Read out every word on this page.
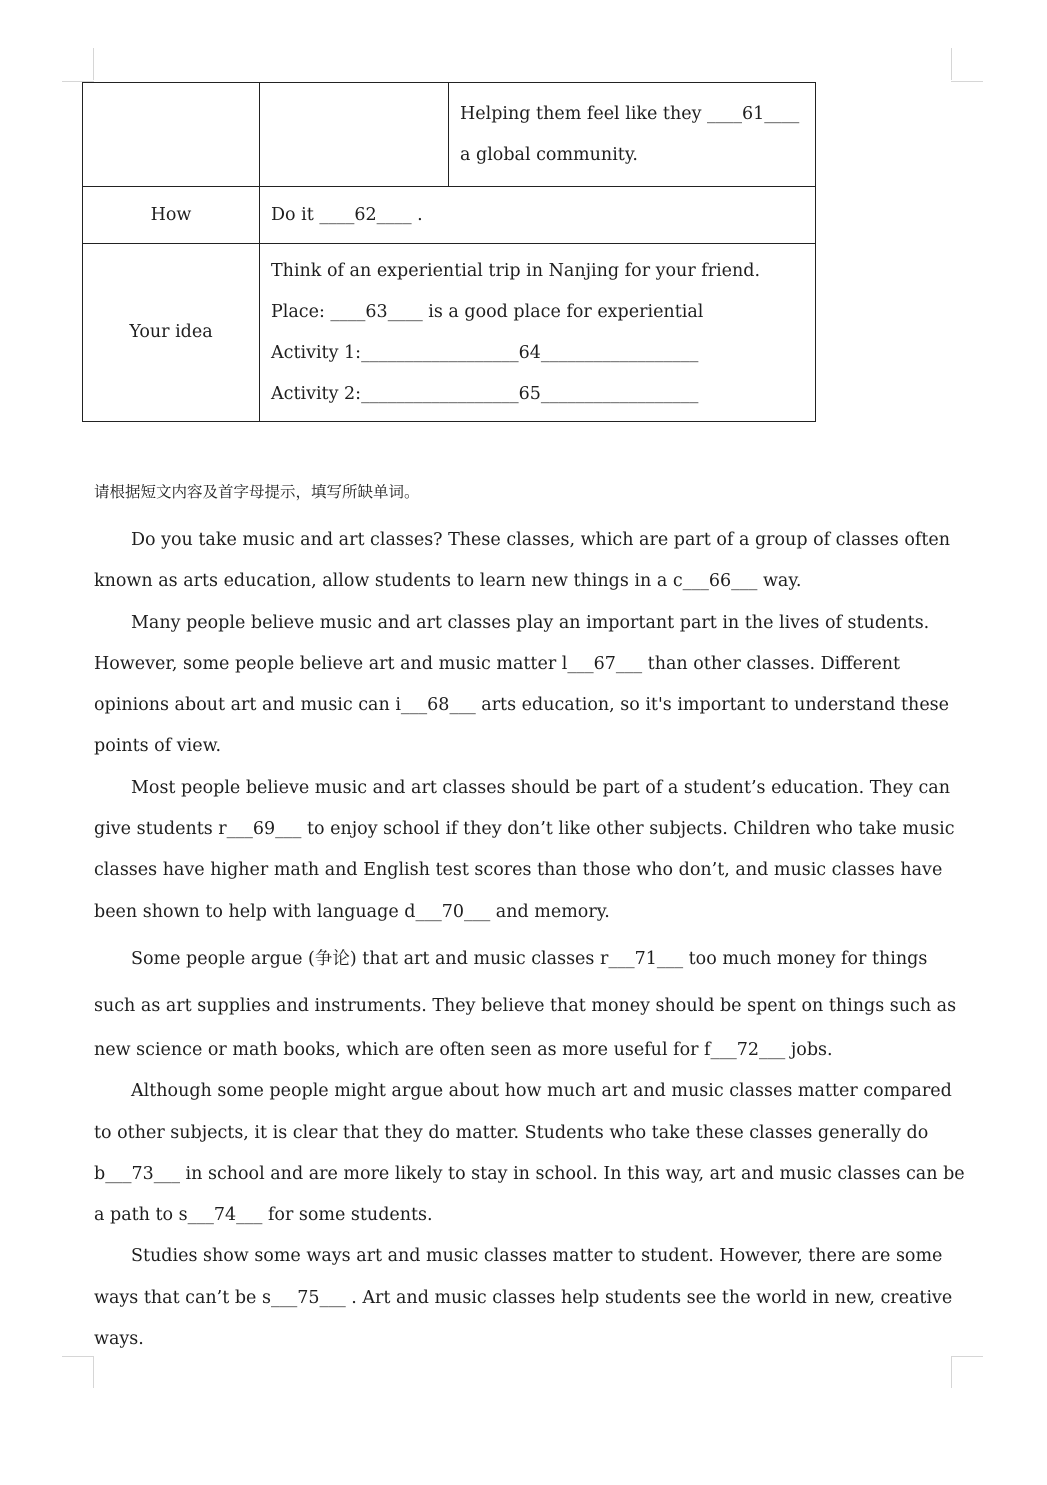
		Helping them feel like they ____61____
a global community.

How	Do it ____62____ .	
Your idea	Think of an experiential trip in Nanjing for your friend.
Place: ____63____ is a good place for experiential
Activity 1:__________________64__________________
Activity 2:__________________65__________________	
请根据短文内容及首字母提示，填写所缺单词。

Do you take music and art classes? These classes, which are part of a group of classes often

known as arts education, allow students to learn new things in a c___66___ way.

Many people believe music and art classes play an important part in the lives of students.

However, some people believe art and music matter l___67___ than other classes. Different

opinions about art and music can i___68___ arts education, so it's important to understand these

points of view.

Most people believe music and art classes should be part of a student’s education. They can

give students r___69___ to enjoy school if they don’t like other subjects. Children who take music

classes have higher math and English test scores than those who don’t, and music classes have

been shown to help with language d___70___ and memory.

Some people argue (争论) that art and music classes r___71___ too much money for things

such as art supplies and instruments. They believe that money should be spent on things such as

new science or math books, which are often seen as more useful for f___72___ jobs.

Although some people might argue about how much art and music classes matter compared

to other subjects, it is clear that they do matter. Students who take these classes generally do

b___73___ in school and are more likely to stay in school. In this way, art and music classes can be

a path to s___74___ for some students.

Studies show some ways art and music classes matter to student. However, there are some

ways that can’t be s___75___ . Art and music classes help students see the world in new, creative

ways.
